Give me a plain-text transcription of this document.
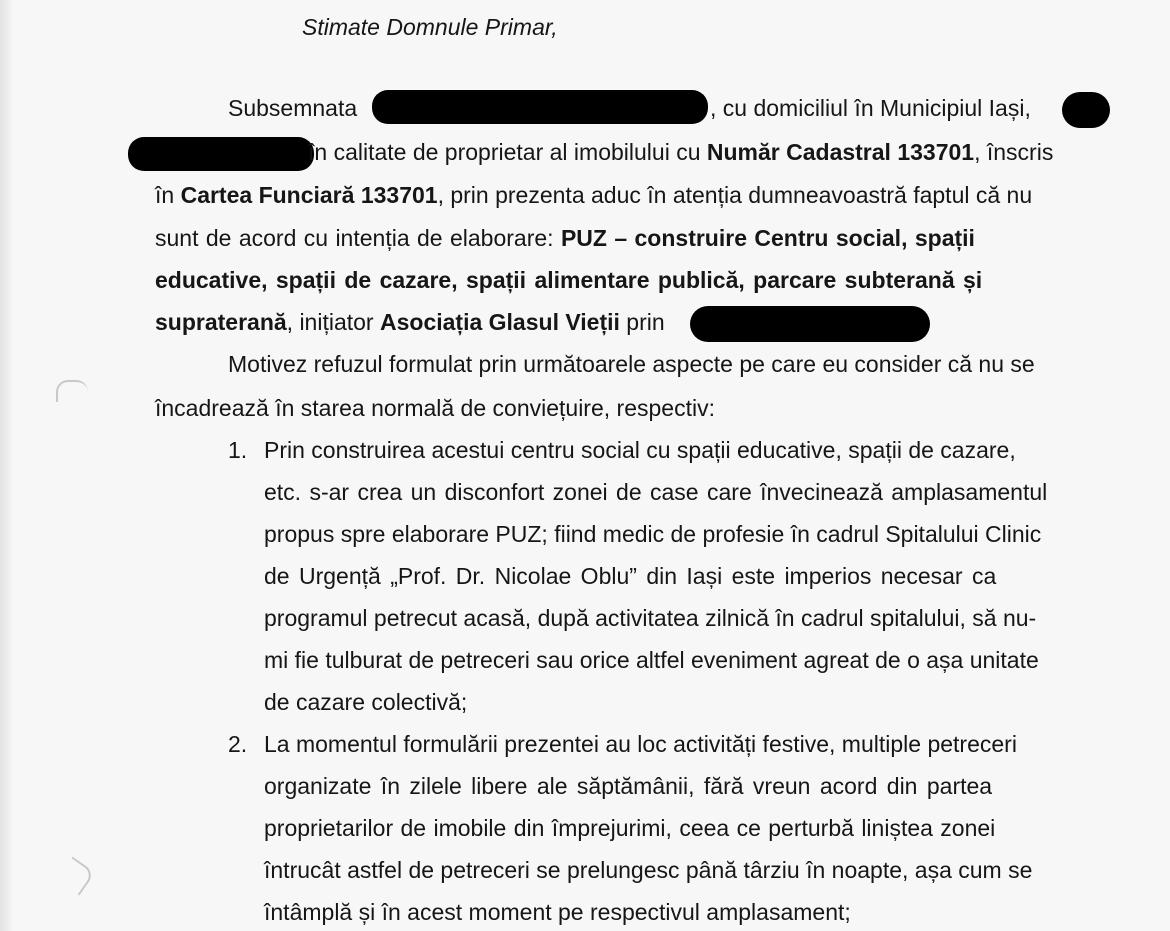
Stimate Domnule Primar,
Subsemnata	, cu domiciliul în Municipiul Iași,
în calitate de proprietar al imobilului cu Număr Cadastral 133701, înscris
în Cartea Funciară 133701, prin prezenta aduc în atenția dumneavoastră faptul că nu
sunt de acord cu intenția de elaborare: PUZ – construire Centru social, spații
educative, spații de cazare, spații alimentare publică, parcare subterană și
supraterană, inițiator Asociația Glasul Vieții prin
Motivez refuzul formulat prin următoarele aspecte pe care eu consider că nu se
încadrează în starea normală de conviețuire, respectiv:
1. Prin construirea acestui centru social cu spații educative, spații de cazare,
etc. s-ar crea un disconfort zonei de case care învecinează amplasamentul
propus spre elaborare PUZ; fiind medic de profesie în cadrul Spitalului Clinic
de Urgență „Prof. Dr. Nicolae Oblu” din Iași este imperios necesar ca
programul petrecut acasă, după activitatea zilnică în cadrul spitalului, să nu-
mi fie tulburat de petreceri sau orice altfel eveniment agreat de o așa unitate
de cazare colectivă;
2. La momentul formulării prezentei au loc activități festive, multiple petreceri
organizate în zilele libere ale săptămânii, fără vreun acord din partea
proprietarilor de imobile din împrejurimi, ceea ce perturbă liniștea zonei
întrucât astfel de petreceri se prelungesc până târziu în noapte, așa cum se
întâmplă și în acest moment pe respectivul amplasament;
